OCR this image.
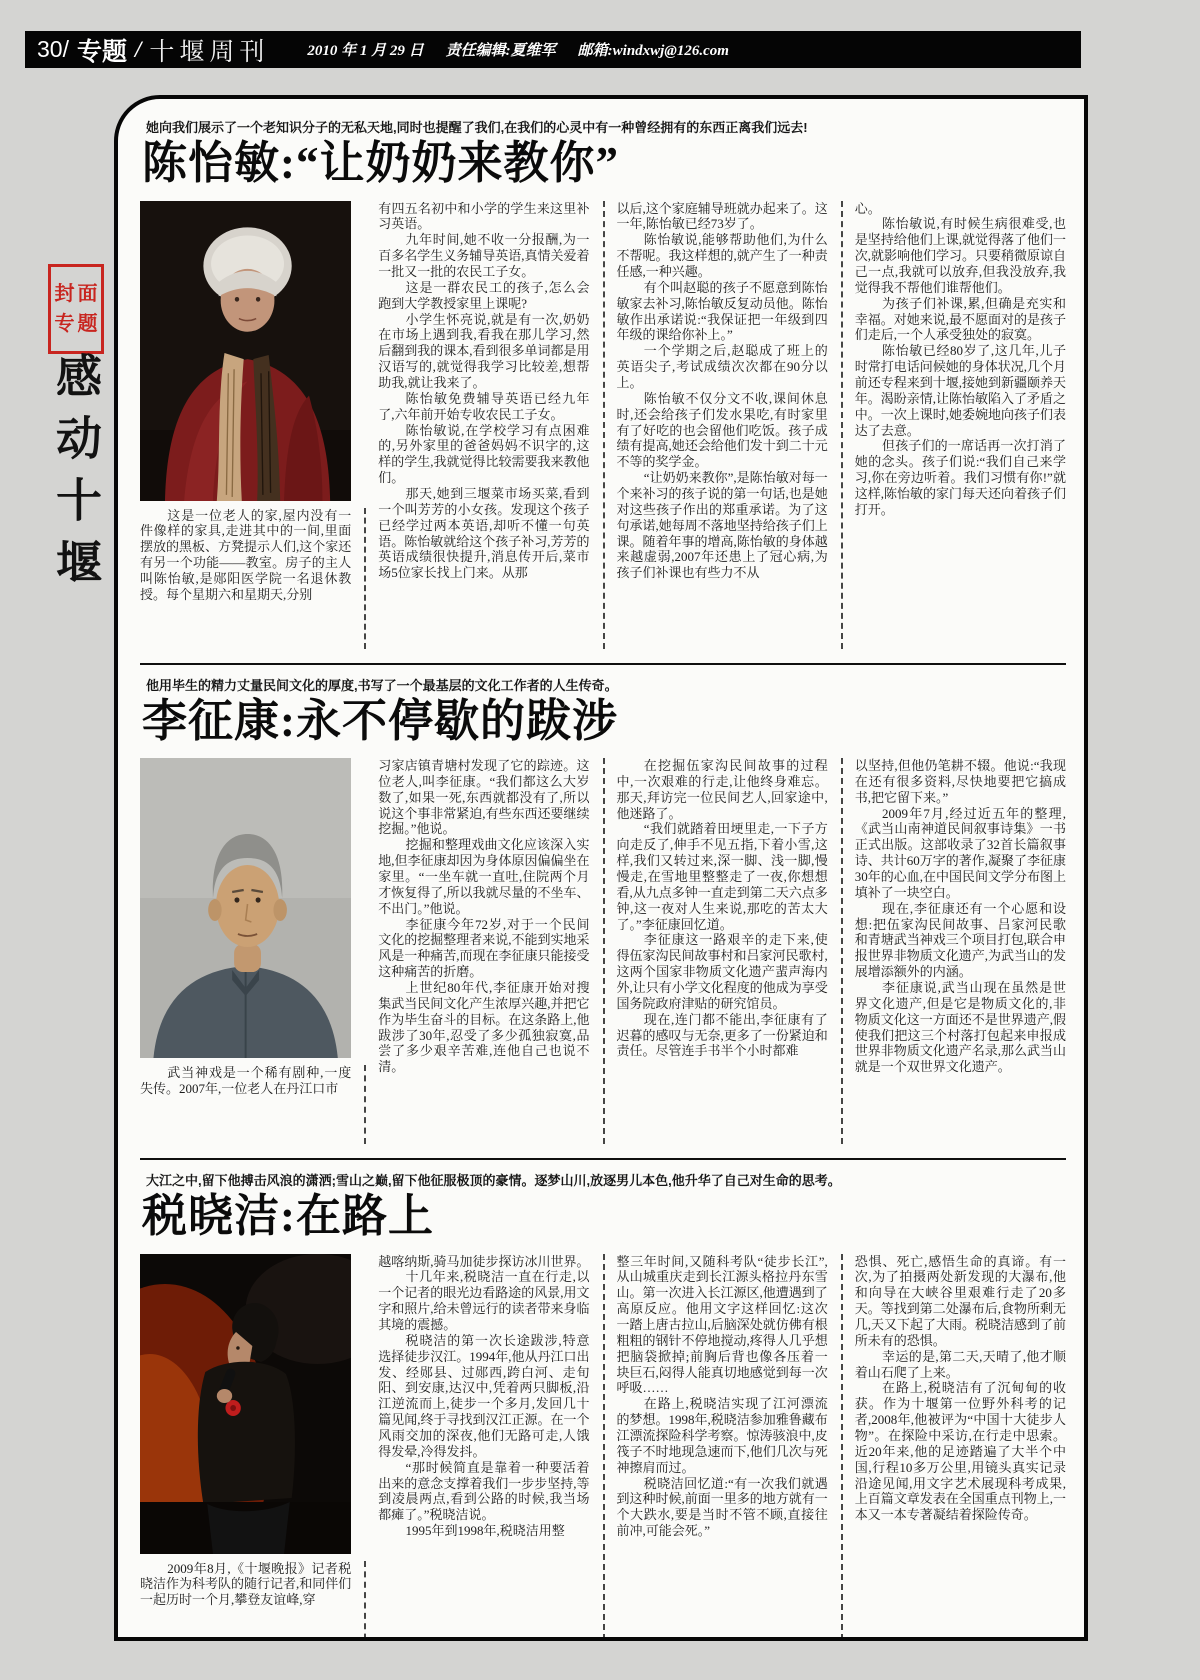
30/ 专题 / 十堰周刊	2010 年 1 月 29 日 责任编辑:夏维军 邮箱:windxwj@126.com
封面
专题
感动十堰

她向我们展示了一个老知识分子的无私天地,同时也提醒了我们,在我们的心灵中有一种曾经拥有的东西正离我们远去!

陈怡敏:“让奶奶来教你”

这是一位老人的家,屋内没有一件像样的家具,走进其中的一间,里面摆放的黑板、方凳提示人们,这个家还有另一个功能——教室。房子的主人叫陈怡敏,是郧阳医学院一名退休教授。每个星期六和星期天,分别

有四五名初中和小学的学生来这里补习英语。

九年时间,她不收一分报酬,为一百多名学生义务辅导英语,真情关爱着一批又一批的农民工子女。

这是一群农民工的孩子,怎么会跑到大学教授家里上课呢?

小学生怀亮说,就是有一次,奶奶在市场上遇到我,看我在那儿学习,然后翻到我的课本,看到很多单词都是用汉语写的,就觉得我学习比较差,想帮助我,就让我来了。

陈怡敏免费辅导英语已经九年了,六年前开始专收农民工子女。

陈怡敏说,在学校学习有点困难的,另外家里的爸爸妈妈不识字的,这样的学生,我就觉得比较需要我来教他们。

那天,她到三堰菜市场买菜,看到一个叫芳芳的小女孩。发现这个孩子已经学过两本英语,却听不懂一句英语。陈怡敏就给这个孩子补习,芳芳的英语成绩很快提升,消息传开后,菜市场5位家长找上门来。从那

以后,这个家庭辅导班就办起来了。这一年,陈怡敏已经73岁了。

陈怡敏说,能够帮助他们,为什么不帮呢。我这样想的,就产生了一种责任感,一种兴趣。

有个叫赵聪的孩子不愿意到陈怡敏家去补习,陈怡敏反复动员他。陈怡敏作出承诺说:“我保证把一年级到四年级的课给你补上。”

一个学期之后,赵聪成了班上的英语尖子,考试成绩次次都在90分以上。

陈怡敏不仅分文不收,课间休息时,还会给孩子们发水果吃,有时家里有了好吃的也会留他们吃饭。孩子成绩有提高,她还会给他们发十到二十元不等的奖学金。

“让奶奶来教你”,是陈怡敏对每一个来补习的孩子说的第一句话,也是她对这些孩子作出的郑重承诺。为了这句承诺,她每周不落地坚持给孩子们上课。随着年事的增高,陈怡敏的身体越来越虚弱,2007年还患上了冠心病,为孩子们补课也有些力不从

心。

陈怡敏说,有时候生病很难受,也是坚持给他们上课,就觉得落了他们一次,就影响他们学习。只要稍微原谅自己一点,我就可以放弃,但我没放弃,我觉得我不帮他们谁帮他们。

为孩子们补课,累,但确是充实和幸福。对她来说,最不愿面对的是孩子们走后,一个人承受独处的寂寞。

陈怡敏已经80岁了,这几年,儿子时常打电话问候她的身体状况,几个月前还专程来到十堰,接她到新疆颐养天年。渴盼亲情,让陈怡敏陷入了矛盾之中。一次上课时,她委婉地向孩子们表达了去意。

但孩子们的一席话再一次打消了她的念头。孩子们说:“我们自己来学习,你在旁边听着。我们习惯有你!”就这样,陈怡敏的家门每天还向着孩子们打开。

他用毕生的精力丈量民间文化的厚度,书写了一个最基层的文化工作者的人生传奇。

李征康:永不停歇的跋涉

武当神戏是一个稀有剧种,一度失传。2007年,一位老人在丹江口市

习家店镇青塘村发现了它的踪迹。这位老人,叫李征康。“我们都这么大岁数了,如果一死,东西就都没有了,所以说这个事非常紧迫,有些东西还要继续挖掘。”他说。

挖掘和整理戏曲文化应该深入实地,但李征康却因为身体原因偏偏坐在家里。“一坐车就一直吐,住院两个月才恢复得了,所以我就尽量的不坐车、不出门。”他说。

李征康今年72岁,对于一个民间文化的挖掘整理者来说,不能到实地采风是一种痛苦,而现在李征康只能接受这种痛苦的折磨。

上世纪80年代,李征康开始对搜集武当民间文化产生浓厚兴趣,并把它作为毕生奋斗的目标。在这条路上,他跋涉了30年,忍受了多少孤独寂寞,品尝了多少艰辛苦难,连他自己也说不清。

在挖掘伍家沟民间故事的过程中,一次艰难的行走,让他终身难忘。那天,拜访完一位民间艺人,回家途中,他迷路了。

“我们就踏着田埂里走,一下子方向走反了,伸手不见五指,下着小雪,这样,我们又转过来,深一脚、浅一脚,慢慢走,在雪地里整整走了一夜,你想想看,从九点多钟一直走到第二天六点多钟,这一夜对人生来说,那吃的苦太大了。”李征康回忆道。

李征康这一路艰辛的走下来,使得伍家沟民间故事村和吕家河民歌村,这两个国家非物质文化遗产蜚声海内外,让只有小学文化程度的他成为享受国务院政府津贴的研究馆员。

现在,连门都不能出,李征康有了迟暮的感叹与无奈,更多了一份紧迫和责任。尽管连手书半个小时都难

以坚持,但他仍笔耕不辍。他说:“我现在还有很多资料,尽快地要把它搞成书,把它留下来。”

2009年7月,经过近五年的整理,《武当山南神道民间叙事诗集》一书正式出版。这部收录了32首长篇叙事诗、共计60万字的著作,凝聚了李征康30年的心血,在中国民间文学分布图上填补了一块空白。

现在,李征康还有一个心愿和设想:把伍家沟民间故事、吕家河民歌和青塘武当神戏三个项目打包,联合申报世界非物质文化遗产,为武当山的发展增添额外的内涵。

李征康说,武当山现在虽然是世界文化遗产,但是它是物质文化的,非物质文化这一方面还不是世界遗产,假使我们把这三个村落打包起来申报成世界非物质文化遗产名录,那么武当山就是一个双世界文化遗产。

大江之中,留下他搏击风浪的潇洒;雪山之巅,留下他征服极顶的豪情。逐梦山川,放逐男儿本色,他升华了自己对生命的思考。

税晓洁:在路上

2009年8月,《十堰晚报》记者税晓洁作为科考队的随行记者,和同伴们一起历时一个月,攀登友谊峰,穿

越喀纳斯,骑马加徒步探访冰川世界。

十几年来,税晓洁一直在行走,以一个记者的眼光边看路途的风景,用文字和照片,给未曾远行的读者带来身临其境的震撼。

税晓洁的第一次长途跋涉,特意选择徒步汉江。1994年,他从丹江口出发、经郧县、过郧西,跨白河、走旬阳、到安康,达汉中,凭着两只脚板,沿江逆流而上,徒步一个多月,发回几十篇见闻,终于寻找到汉江正源。在一个风雨交加的深夜,他们无路可走,人饿得发晕,冷得发抖。

“那时候简直是靠着一种要活着出来的意念支撑着我们一步步坚持,等到凌晨两点,看到公路的时候,我当场都瘫了。”税晓洁说。

1995年到1998年,税晓洁用整

整三年时间,又随科考队“徒步长江”,从山城重庆走到长江源头格拉丹东雪山。第一次进入长江源区,他遭遇到了高原反应。他用文字这样回忆:这次一踏上唐古拉山,后脑深处就仿佛有根粗粗的钢针不停地搅动,疼得人几乎想把脑袋掀掉;前胸后背也像各压着一块巨石,闷得人能真切地感觉到每一次呼吸……

在路上,税晓洁实现了江河漂流的梦想。1998年,税晓洁参加雅鲁藏布江漂流探险科学考察。惊涛骇浪中,皮筏子不时地现急速而下,他们几次与死神擦肩而过。

税晓洁回忆道:“有一次我们就遇到这种时候,前面一里多的地方就有一个大跌水,要是当时不管不顾,直接往前冲,可能会死。”

恐惧、死亡,感悟生命的真谛。有一次,为了拍摄两处新发现的大瀑布,他和向导在大峡谷里艰难行走了20多天。等找到第二处瀑布后,食物所剩无几,天又下起了大雨。税晓洁感到了前所未有的恐惧。

幸运的是,第二天,天晴了,他才顺着山石爬了上来。

在路上,税晓洁有了沉甸甸的收获。作为十堰第一位野外科考的记者,2008年,他被评为“中国十大徒步人物”。在探险中采访,在行走中思索。近20年来,他的足迹踏遍了大半个中国,行程10多万公里,用镜头真实记录沿途见闻,用文字艺术展现科考成果,上百篇文章发表在全国重点刊物上,一本又一本专著凝结着探险传奇。
